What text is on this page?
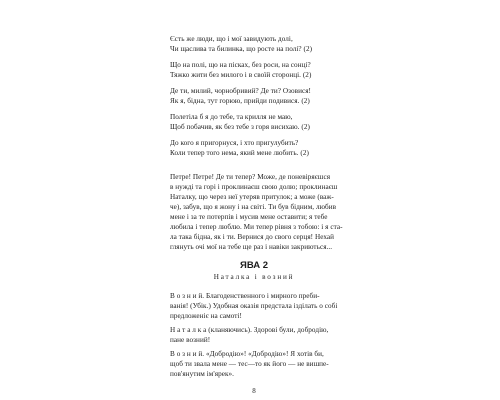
Єсть же люди, що і мої завидують долі,
Чи щаслива та билинка, що росте на полі? (2)
Що на полі, що на пісках, без роси, на сонці?
Тяжко жити без милого і в своїй сторонці. (2)
Де ти, милий, чорнобривий? Де ти? Озовися!
Як я, бідна, тут горюю, прийди подивися. (2)
Полетіла б я до тебе, та крилля не маю,
Щоб побачив, як без тебе з горя висихаю. (2)
До кого я пригорнуся, і хто пригулубить?
Коли тепер того нема, який мене любить. (2)
Петре! Петре! Де ти тепер? Може, де поневіряєшся
в нужді та горі і проклинаєш свою долю; проклинаєш
Наталку, що через неї утеряв притулок; а може (важ-
че), забув, що я жону і на світі. Ти був бідним, любив
мене і за те потерпів і мусив мене оставити; я тебе
любила і тепер люблю. Ми тепер рівня з тобою: і я ста-
ла така бідна, як і ти. Вернися до свого серця! Нехай
глянуть очі мої на тебе ще раз і навіки закриються...
ЯВА 2
Наталка і возний
В о з н и й. Благоденственного і мирного преби-
ванія! (Убік.) Удобная оказія предстала ізділать о собі
предложеніє на самоті!
Н а т а л к а (кланяючись). Здорові були, добродію,
пане возний!
В о з н и й. «Добродію»! «Добродію»! Я хотів би,
щоб ти звала мене — тес—то як його — не вишпе-
пов'янутим ім'ярек».
8
